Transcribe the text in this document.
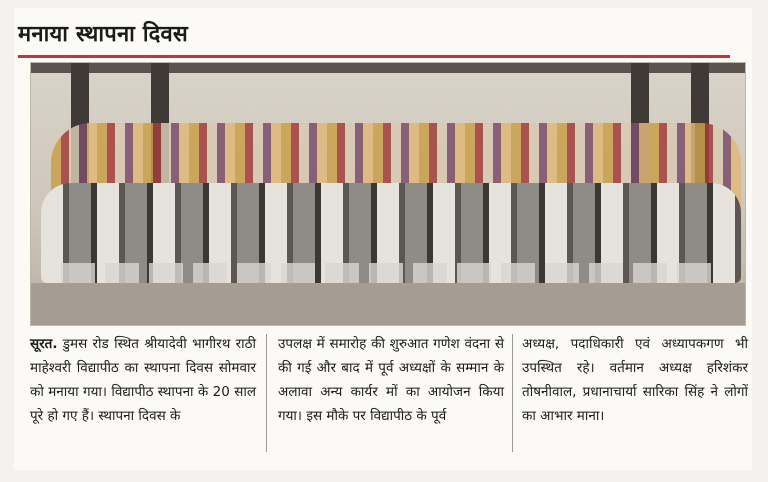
मनाया स्थापना दिवस
सूरत. डुमस रोड स्थित श्रीयादेवी भागीरथ राठी माहेश्वरी विद्यापीठ का स्थापना दिवस सोमवार को मनाया गया। विद्यापीठ स्थापना के 20 साल पूरे हो गए हैं। स्थापना दिवस के
उपलक्ष में समारोह की शुरुआत गणेश वंदना से की गई और बाद में पूर्व अध्यक्षों के सम्मान के अलावा अन्य कार्यर मों का आयोजन किया गया। इस मौके पर विद्यापीठ के पूर्व
अध्यक्ष, पदाधिकारी एवं अध्यापकगण भी उपस्थित रहे। वर्तमान अध्यक्ष हरिशंकर तोषनीवाल, प्रधानाचार्या सारिका सिंह ने लोगों का आभार माना।
